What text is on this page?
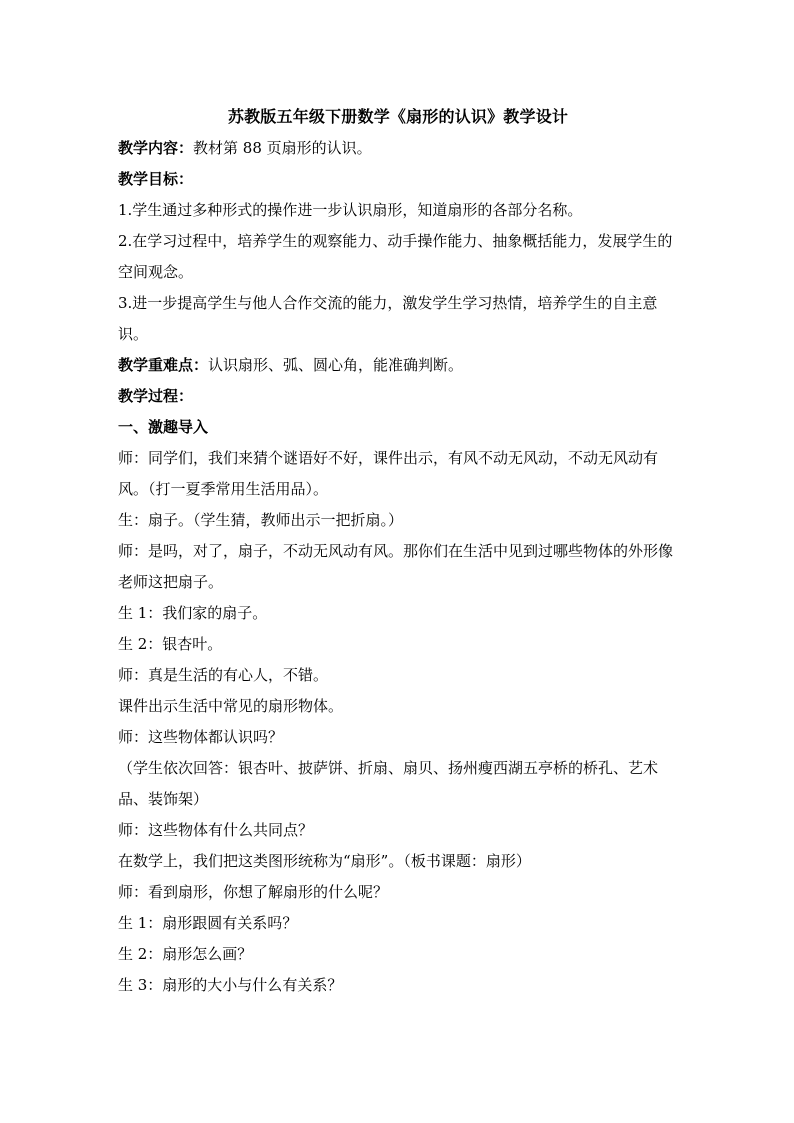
苏教版五年级下册数学《扇形的认识》教学设计
教学内容：教材第 88 页扇形的认识。
教学目标：
1.学生通过多种形式的操作进一步认识扇形，知道扇形的各部分名称。
2.在学习过程中，培养学生的观察能力、动手操作能力、抽象概括能力，发展学生的空间观念。
3.进一步提高学生与他人合作交流的能力，激发学生学习热情，培养学生的自主意识。
教学重难点：认识扇形、弧、圆心角，能准确判断。
教学过程：
一、激趣导入
师：同学们，我们来猜个谜语好不好，课件出示，有风不动无风动，不动无风动有风。（打一夏季常用生活用品）。
生：扇子。（学生猜，教师出示一把折扇。）
师：是吗，对了，扇子，不动无风动有风。那你们在生活中见到过哪些物体的外形像老师这把扇子。
生 1：我们家的扇子。
生 2：银杏叶。
师：真是生活的有心人，不错。
课件出示生活中常见的扇形物体。
师：这些物体都认识吗？
（学生依次回答：银杏叶、披萨饼、折扇、扇贝、扬州瘦西湖五亭桥的桥孔、艺术品、装饰架）
师：这些物体有什么共同点？
在数学上，我们把这类图形统称为“扇形”。（板书课题：扇形）
师：看到扇形，你想了解扇形的什么呢？
生 1：扇形跟圆有关系吗？
生 2：扇形怎么画？
生 3：扇形的大小与什么有关系？
